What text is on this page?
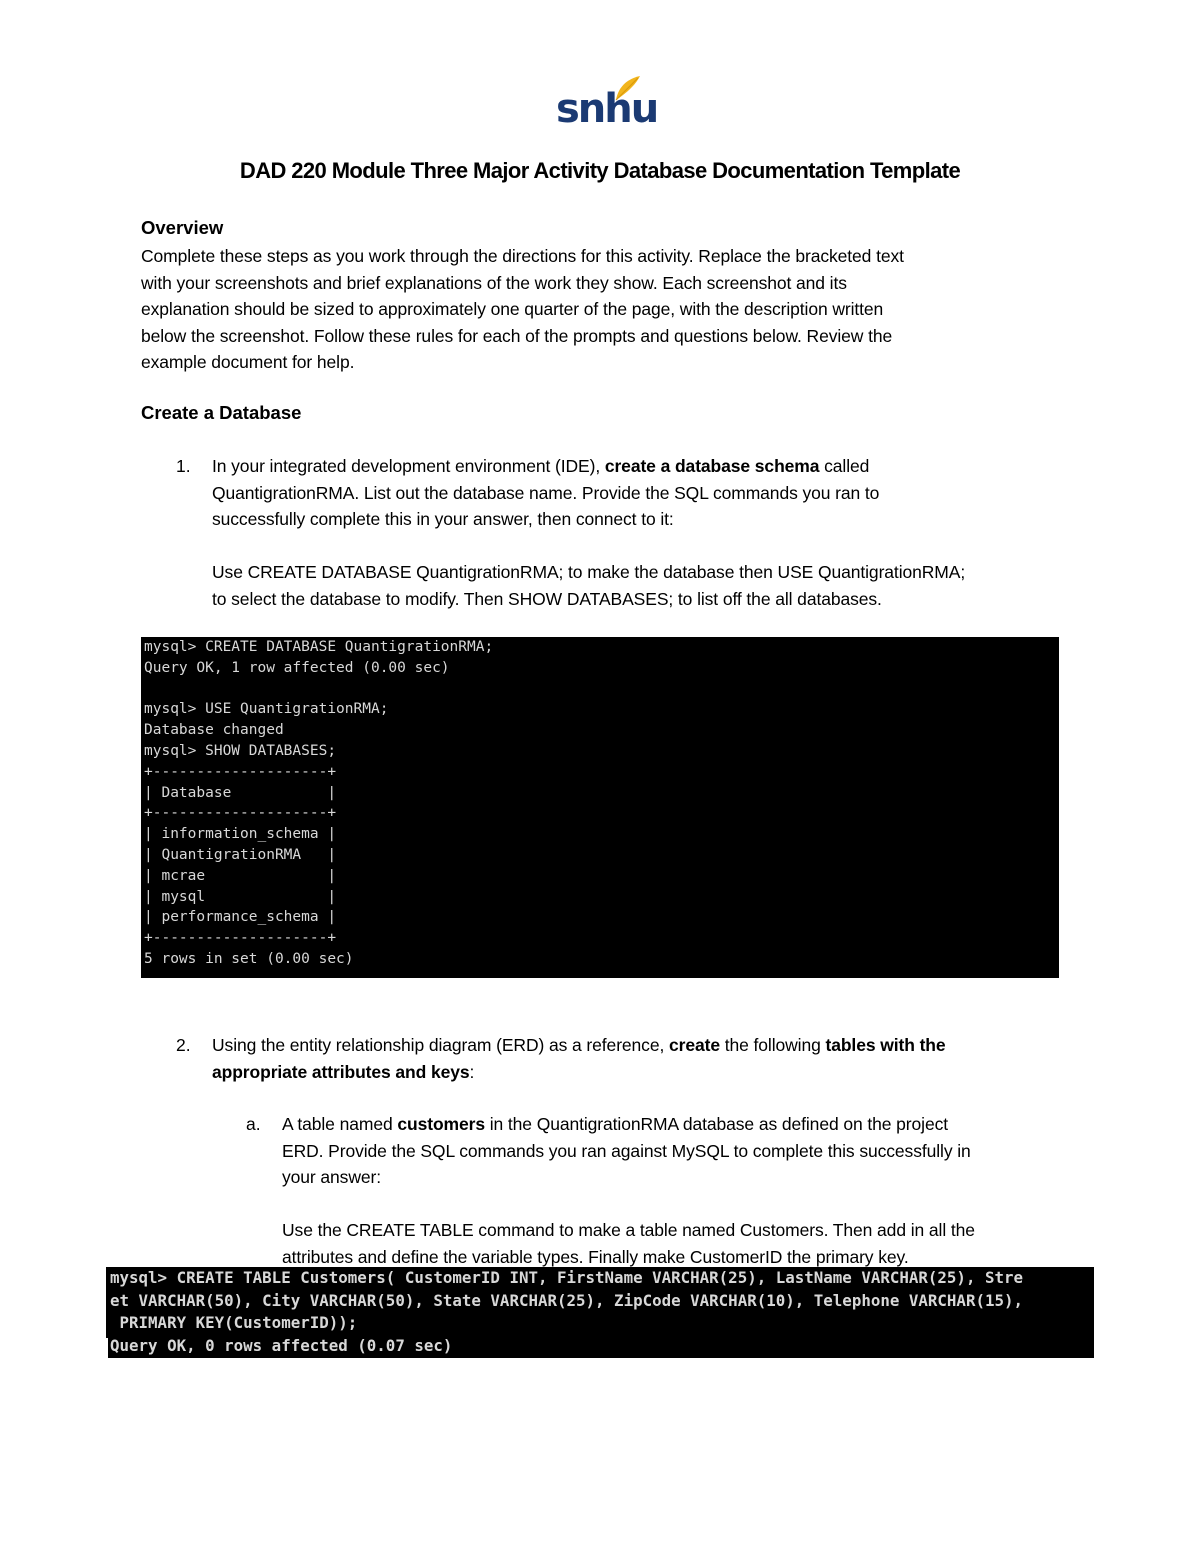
snhu
DAD 220 Module Three Major Activity Database Documentation Template
Overview
Complete these steps as you work through the directions for this activity. Replace the bracketed text
with your screenshots and brief explanations of the work they show. Each screenshot and its
explanation should be sized to approximately one quarter of the page, with the description written
below the screenshot. Follow these rules for each of the prompts and questions below. Review the
example document for help.
Create a Database
1. In your integrated development environment (IDE), create a database schema called
QuantigrationRMA. List out the database name. Provide the SQL commands you ran to
successfully complete this in your answer, then connect to it:
Use CREATE DATABASE QuantigrationRMA; to make the database then USE QuantigrationRMA;
to select the database to modify. Then SHOW DATABASES; to list off the all databases.
mysql> CREATE DATABASE QuantigrationRMA;
Query OK, 1 row affected (0.00 sec)
mysql> USE QuantigrationRMA;
Database changed
mysql> SHOW DATABASES;
+--------------------+
| Database           |
+--------------------+
| information_schema |
| QuantigrationRMA   |
| mcrae              |
| mysql              |
| performance_schema |
+--------------------+
5 rows in set (0.00 sec)
2. Using the entity relationship diagram (ERD) as a reference, create the following tables with the
appropriate attributes and keys:
a. A table named customers in the QuantigrationRMA database as defined on the project
ERD. Provide the SQL commands you ran against MySQL to complete this successfully in
your answer:
Use the CREATE TABLE command to make a table named Customers. Then add in all the
attributes and define the variable types. Finally make CustomerID the primary key.
mysql> CREATE TABLE Customers( CustomerID INT, FirstName VARCHAR(25), LastName VARCHAR(25), Stre
et VARCHAR(50), City VARCHAR(50), State VARCHAR(25), ZipCode VARCHAR(10), Telephone VARCHAR(15),
PRIMARY KEY(CustomerID));
Query OK, 0 rows affected (0.07 sec)
